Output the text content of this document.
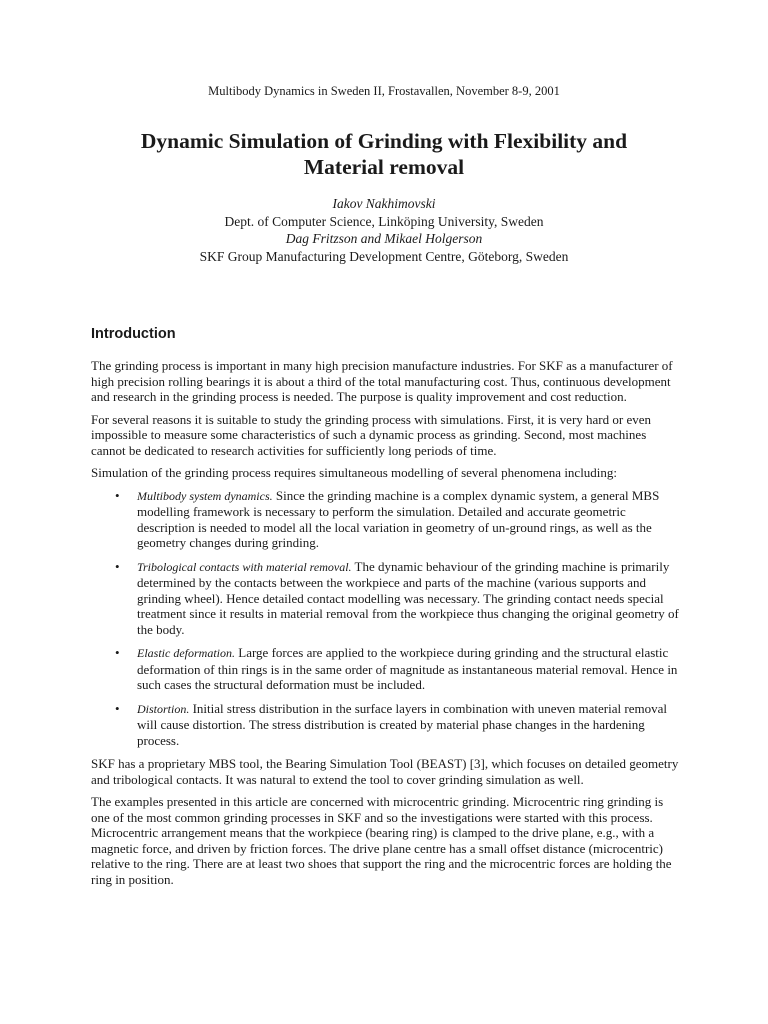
Multibody Dynamics in Sweden II, Frostavallen, November 8-9, 2001
Dynamic Simulation of Grinding with Flexibility and
Material removal
Iakov Nakhimovski
Dept. of Computer Science, Linköping University, Sweden
Dag Fritzson and Mikael Holgerson
SKF Group Manufacturing Development Centre, Göteborg, Sweden
Introduction

The grinding process is important in many high precision manufacture industries. For SKF as a manufacturer of high precision rolling bearings it is about a third of the total manufacturing cost. Thus, continuous development and research in the grinding process is needed. The purpose is quality improvement and cost reduction.

For several reasons it is suitable to study the grinding process with simulations. First, it is very hard or even impossible to measure some characteristics of such a dynamic process as grinding. Second, most machines cannot be dedicated to research activities for sufficiently long periods of time.

Simulation of the grinding process requires simultaneous modelling of several phenomena including:

• Multibody system dynamics. Since the grinding machine is a complex dynamic system, a general MBS modelling framework is necessary to perform the simulation. Detailed and accurate geometric description is needed to model all the local variation in geometry of un-ground rings, as well as the geometry changes during grinding.
• Tribological contacts with material removal. The dynamic behaviour of the grinding machine is primarily determined by the contacts between the workpiece and parts of the machine (various supports and grinding wheel). Hence detailed contact modelling was necessary. The grinding contact needs special treatment since it results in material removal from the workpiece thus changing the original geometry of the body.
• Elastic deformation. Large forces are applied to the workpiece during grinding and the structural elastic deformation of thin rings is in the same order of magnitude as instantaneous material removal. Hence in such cases the structural deformation must be included.
• Distortion. Initial stress distribution in the surface layers in combination with uneven material removal will cause distortion. The stress distribution is created by material phase changes in the hardening process.

SKF has a proprietary MBS tool, the Bearing Simulation Tool (BEAST) [3], which focuses on detailed geometry and tribological contacts. It was natural to extend the tool to cover grinding simulation as well.

The examples presented in this article are concerned with microcentric grinding. Microcentric ring grinding is one of the most common grinding processes in SKF and so the investigations were started with this process. Microcentric arrangement means that the workpiece (bearing ring) is clamped to the drive plane, e.g., with a magnetic force, and driven by friction forces. The drive plane centre has a small offset distance (microcentric) relative to the ring. There are at least two shoes that support the ring and the microcentric forces are holding the ring in position.
